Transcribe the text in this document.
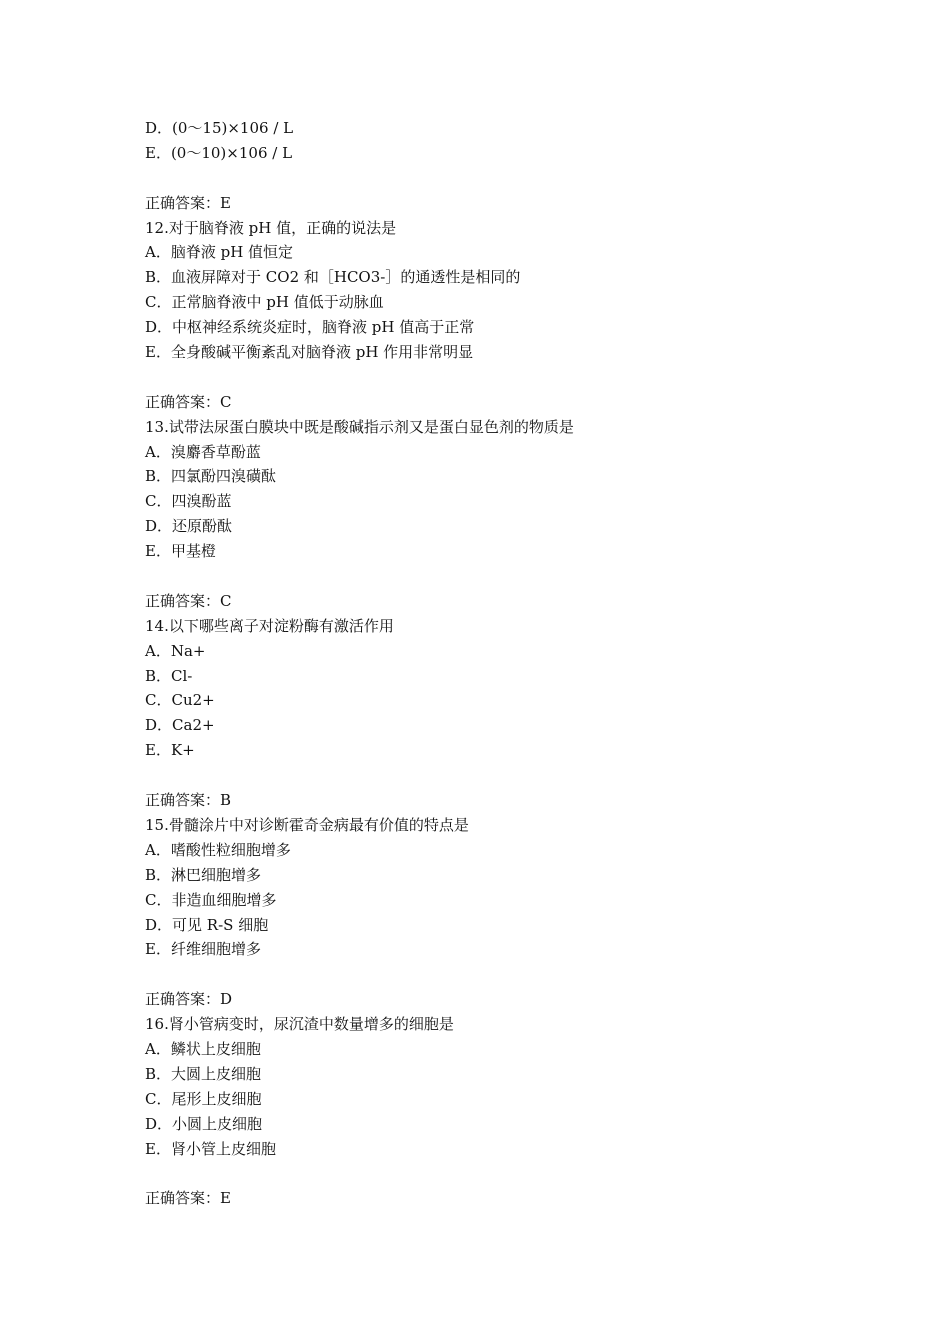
D．(0～15)×106 / L
E．(0～10)×106 / L
正确答案：E
12.对于脑脊液 pH 值，正确的说法是
A．脑脊液 pH 值恒定
B．血液屏障对于 CO2 和［HCO3-］的通透性是相同的
C．正常脑脊液中 pH 值低于动脉血
D．中枢神经系统炎症时，脑脊液 pH 值高于正常
E．全身酸碱平衡紊乱对脑脊液 pH 作用非常明显
正确答案：C
13.试带法尿蛋白膜块中既是酸碱指示剂又是蛋白显色剂的物质是
A．溴麝香草酚蓝
B．四氯酚四溴磺酞
C．四溴酚蓝
D．还原酚酞
E．甲基橙
正确答案：C
14.以下哪些离子对淀粉酶有激活作用
A．Na+
B．Cl-
C．Cu2+
D．Ca2+
E．K+
正确答案：B
15.骨髓涂片中对诊断霍奇金病最有价值的特点是
A．嗜酸性粒细胞增多
B．淋巴细胞增多
C．非造血细胞增多
D．可见 R-S 细胞
E．纤维细胞增多
正确答案：D
16.肾小管病变时，尿沉渣中数量增多的细胞是
A．鳞状上皮细胞
B．大圆上皮细胞
C．尾形上皮细胞
D．小圆上皮细胞
E．肾小管上皮细胞
正确答案：E
